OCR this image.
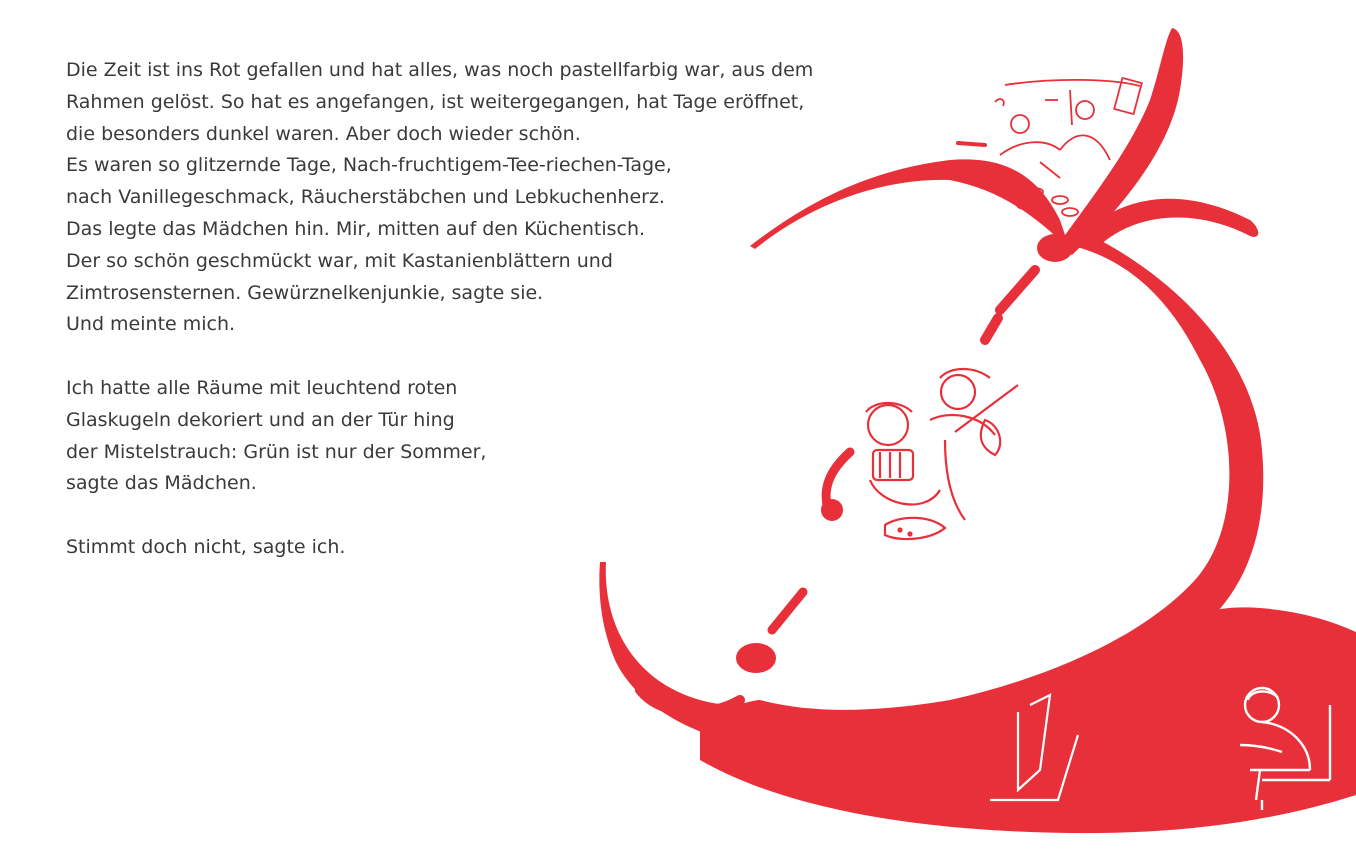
Die Zeit ist ins Rot gefallen und hat alles, was noch pastellfarbig war, aus dem
Rahmen gelöst. So hat es angefangen, ist weitergegangen, hat Tage eröffnet,
die besonders dunkel waren. Aber doch wieder schön.
Es waren so glitzernde Tage, Nach-fruchtigem-Tee-riechen-Tage,
nach Vanillegeschmack, Räucherstäbchen und Lebkuchenherz.
Das legte das Mädchen hin. Mir, mitten auf den Küchentisch.
Der so schön geschmückt war, mit Kastanienblättern und
Zimtrosensternen. Gewürznelkenjunkie, sagte sie.
Und meinte mich.

Ich hatte alle Räume mit leuchtend roten
Glaskugeln dekoriert und an der Tür hing
der Mistelstrauch: Grün ist nur der Sommer,
sagte das Mädchen.

Stimmt doch nicht, sagte ich.
